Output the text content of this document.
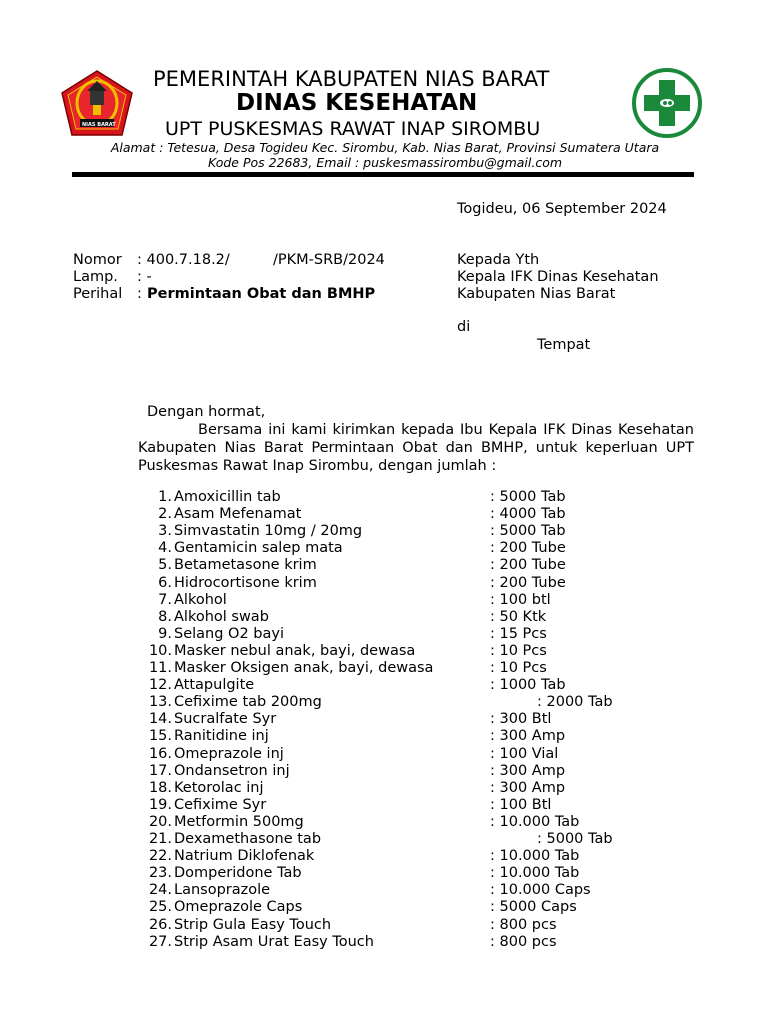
NIAS BARAT
PEMERINTAH KABUPATEN NIAS BARAT
DINAS KESEHATAN
UPT PUSKESMAS RAWAT INAP SIROMBU
Alamat : Tetesua, Desa Togideu Kec. Sirombu, Kab. Nias Barat, Provinsi Sumatera Utara
Kode Pos 22683, Email : puskesmassirombu@gmail.com
Togideu, 06 September 2024
Nomor : 400.7.18.2/	/PKM-SRB/2024
Lamp. : -
Perihal : Permintaan Obat dan BMHP
Kepada Yth
Kepala IFK Dinas Kesehatan
Kabupaten Nias Barat
di
Tempat
Dengan hormat,
Bersama ini kami kirimkan kepada Ibu Kepala IFK Dinas Kesehatan Kabupaten Nias Barat Permintaan Obat dan BMHP, untuk keperluan UPT Puskesmas Rawat Inap Sirombu, dengan jumlah :
1. Amoxicillin tab	: 5000 Tab
2. Asam Mefenamat	: 4000 Tab
3. Simvastatin 10mg / 20mg	: 5000 Tab
4. Gentamicin salep mata	: 200 Tube
5. Betametasone krim	: 200 Tube
6. Hidrocortisone krim	: 200 Tube
7. Alkohol	: 100 btl
8. Alkohol swab	: 50 Ktk
9. Selang O2 bayi	: 15 Pcs
10. Masker nebul anak, bayi, dewasa	: 10 Pcs
11. Masker Oksigen anak, bayi, dewasa	: 10 Pcs
12. Attapulgite	: 1000 Tab
13. Cefixime tab 200mg	: 2000 Tab
14. Sucralfate Syr	: 300 Btl
15. Ranitidine inj	: 300 Amp
16. Omeprazole inj	: 100 Vial
17. Ondansetron inj	: 300 Amp
18. Ketorolac inj	: 300 Amp
19. Cefixime Syr	: 100 Btl
20. Metformin 500mg	: 10.000 Tab
21. Dexamethasone tab	: 5000 Tab
22. Natrium Diklofenak	: 10.000 Tab
23. Domperidone Tab	: 10.000 Tab
24. Lansoprazole	: 10.000 Caps
25. Omeprazole Caps	: 5000 Caps
26. Strip Gula Easy Touch	: 800 pcs
27. Strip Asam Urat Easy Touch	: 800 pcs
